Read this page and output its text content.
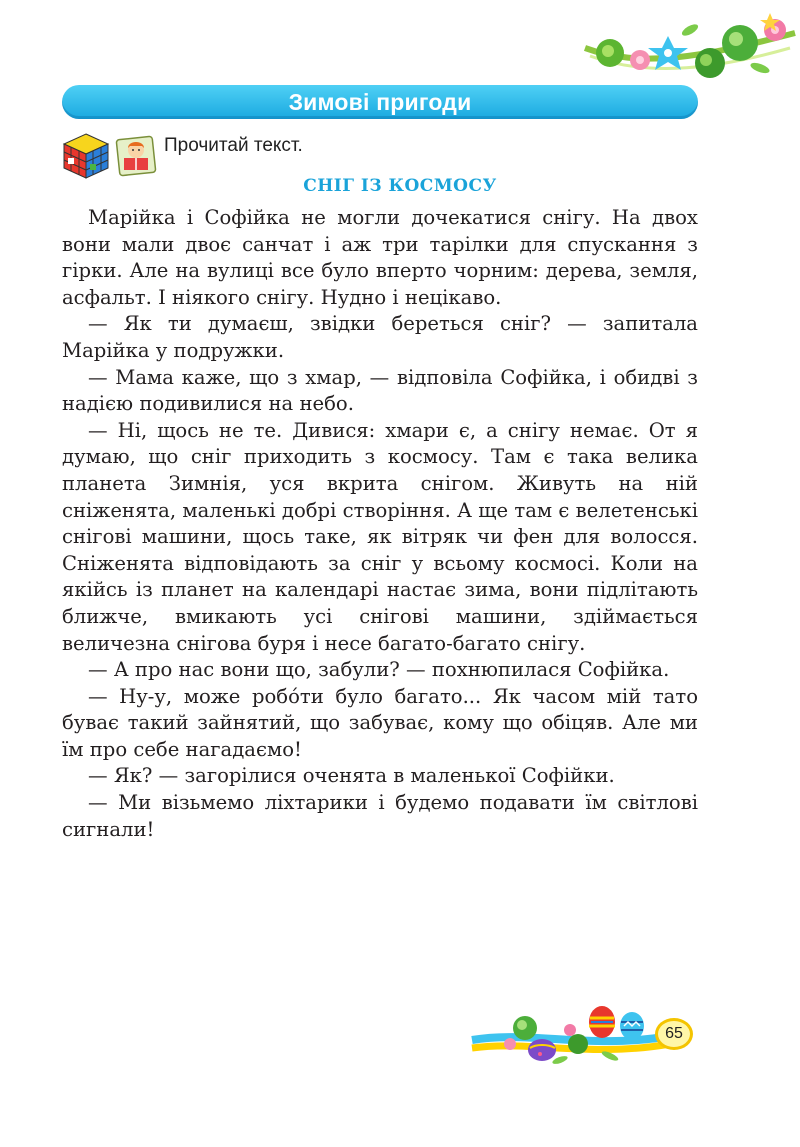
Зимові пригоди
Прочитай текст.
СНІГ ІЗ КОСМОСУ

Марійка і Софійка не могли дочекатися снігу. На двох вони мали двоє санчат і аж три тарілки для спускання з гірки. Але на вулиці все було вперто чорним: дерева, земля, асфальт. І ніякого снігу. Нудно і нецікаво.

— Як ти думаєш, звідки береться сніг? — запитала Марійка у подружки.

— Мама каже, що з хмар, — відповіла Софійка, і обидві з надією подивилися на небо.

— Ні, щось не те. Дивися: хмари є, а снігу немає. От я думаю, що сніг приходить з космосу. Там є така велика планета Зимнія, уся вкрита снігом. Живуть на ній сніженята, маленькі добрі створіння. А ще там є велетенські снігові машини, щось таке, як вітряк чи фен для волосся. Сніженята відповідають за сніг у всьому космосі. Коли на якійсь із планет на календарі настає зима, вони підлітають ближче, вмикають усі снігові машини, здіймається величезна снігова буря і несе багато-багато снігу.

— А про нас вони що, забули? — похнюпилася Софійка.

— Ну-у, може робо́ти було багато... Як часом мій тато буває такий зайнятий, що забуває, кому що обіцяв. Але ми їм про себе нагадаємо!

— Як? — загорілися оченята в маленької Софійки.

— Ми візьмемо ліхтарики і будемо подавати їм світлові сигнали!

65
